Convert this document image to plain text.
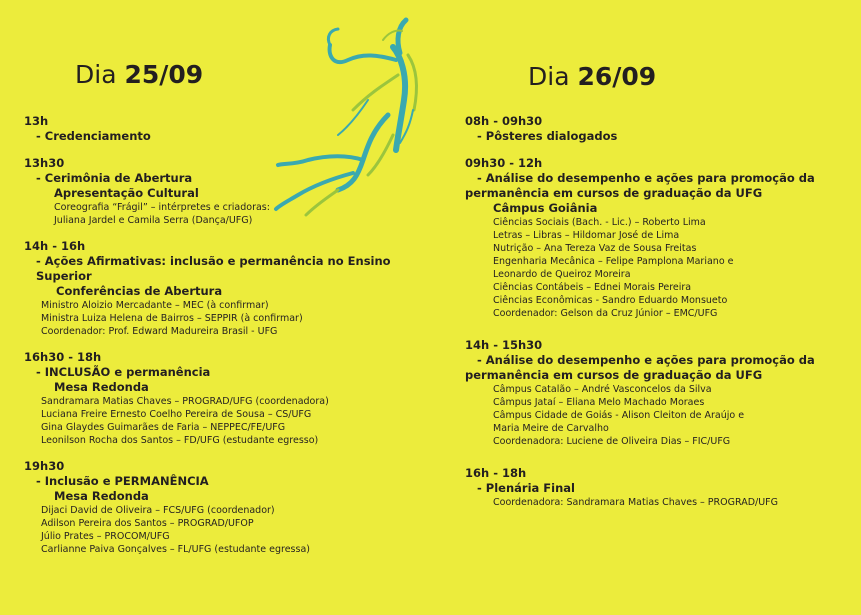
Dia 25/09	Dia 26/09
13h
- Credenciamento
13h30
- Cerimônia de Abertura
Apresentação Cultural
Coreografia “Frágil” – intérpretes e criadoras:
Juliana Jardel e Camila Serra (Dança/UFG)
14h - 16h
- Ações Afirmativas: inclusão e permanência no Ensino Superior
Conferências de Abertura
Ministro Aloizio Mercadante – MEC (à confirmar)
Ministra Luiza Helena de Bairros – SEPPIR (à confirmar)
Coordenador: Prof. Edward Madureira Brasil - UFG
16h30 - 18h
- INCLUSÃO e permanência
Mesa Redonda
Sandramara Matias Chaves – PROGRAD/UFG (coordenadora)
Luciana Freire Ernesto Coelho Pereira de Sousa – CS/UFG
Gina Glaydes Guimarães de Faria – NEPPEC/FE/UFG
Leonilson Rocha dos Santos – FD/UFG (estudante egresso)
19h30
- Inclusão e PERMANÊNCIA
Mesa Redonda
Dijaci David de Oliveira – FCS/UFG (coordenador)
Adilson Pereira dos Santos – PROGRAD/UFOP
Júlio Prates – PROCOM/UFG
Carlianne Paiva Gonçalves – FL/UFG (estudante egressa)
08h - 09h30
- Pôsteres dialogados
09h30 - 12h
- Análise do desempenho e ações para promoção da
permanência em cursos de graduação da UFG
Câmpus Goiânia
Ciências Sociais (Bach. - Lic.) – Roberto Lima
Letras – Libras – Hildomar José de Lima
Nutrição – Ana Tereza Vaz de Sousa Freitas
Engenharia Mecânica – Felipe Pamplona Mariano e
Leonardo de Queiroz Moreira
Ciências Contábeis – Ednei Morais Pereira
Ciências Econômicas - Sandro Eduardo Monsueto
Coordenador: Gelson da Cruz Júnior – EMC/UFG
14h - 15h30
- Análise do desempenho e ações para promoção da
permanência em cursos de graduação da UFG
Câmpus Catalão – André Vasconcelos da Silva
Câmpus Jataí – Eliana Melo Machado Moraes
Câmpus Cidade de Goiás - Alison Cleiton de Araújo e
Maria Meire de Carvalho
Coordenadora: Luciene de Oliveira Dias – FIC/UFG
16h - 18h
- Plenária Final
Coordenadora: Sandramara Matias Chaves – PROGRAD/UFG
